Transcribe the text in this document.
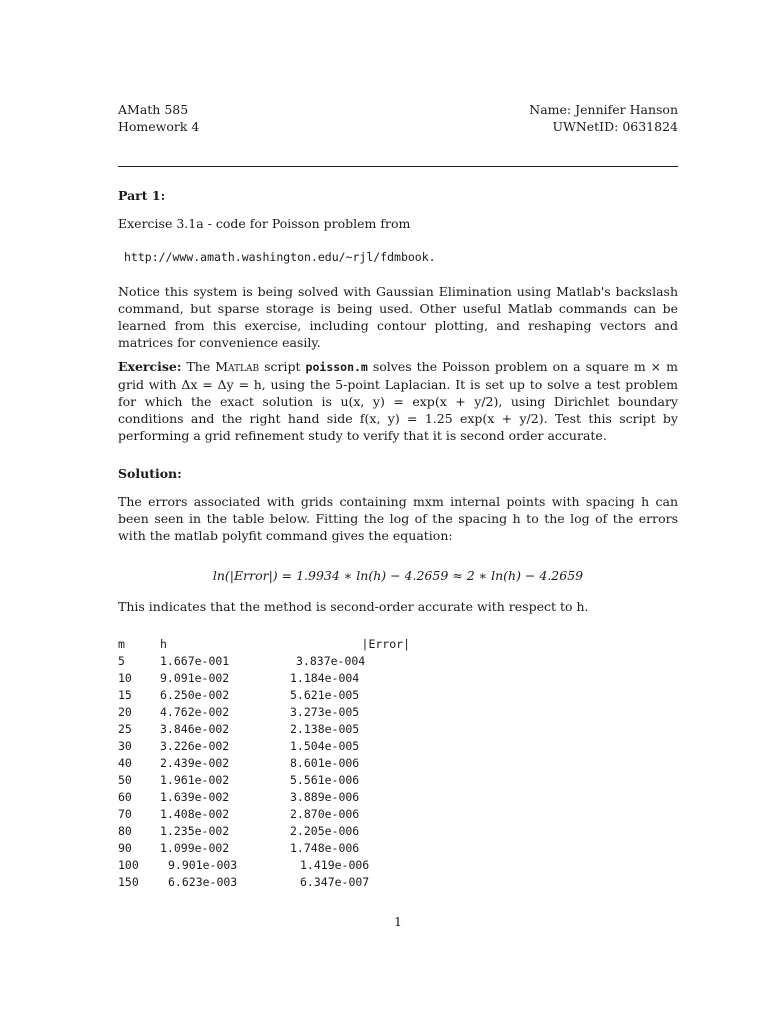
AMath 585
Homework 4
Name: Jennifer Hanson
UWNetID: 0631824
Part 1:
Exercise 3.1a - code for Poisson problem from
http://www.amath.washington.edu/~rjl/fdmbook.
Notice this system is being solved with Gaussian Elimination using Matlab's backslash command, but sparse storage is being used. Other useful Matlab commands can be learned from this exercise, including contour plotting, and reshaping vectors and matrices for convenience easily.
Exercise: The Matlab script poisson.m solves the Poisson problem on a square m × m grid with Δx = Δy = h, using the 5-point Laplacian. It is set up to solve a test problem for which the exact solution is u(x, y) = exp(x + y/2), using Dirichlet boundary conditions and the right hand side f(x, y) = 1.25 exp(x + y/2). Test this script by performing a grid refinement study to verify that it is second order accurate.
Solution:
The errors associated with grids containing mxm internal points with spacing h can been seen in the table below. Fitting the log of the spacing h to the log of the errors with the matlab polyfit command gives the equation:
ln(|Error|) = 1.9934 ∗ ln(h) − 4.2659 ≈ 2 ∗ ln(h) − 4.2659
This indicates that the method is second-order accurate with respect to h.
m	h	|Error|
5	1.667e-001	3.837e-004
10	9.091e-002	1.184e-004
15	6.250e-002	5.621e-005
20	4.762e-002	3.273e-005
25	3.846e-002	2.138e-005
30	3.226e-002	1.504e-005
40	2.439e-002	8.601e-006
50	1.961e-002	5.561e-006
60	1.639e-002	3.889e-006
70	1.408e-002	2.870e-006
80	1.235e-002	2.205e-006
90	1.099e-002	1.748e-006
100	9.901e-003	1.419e-006
150	6.623e-003	6.347e-007
1
